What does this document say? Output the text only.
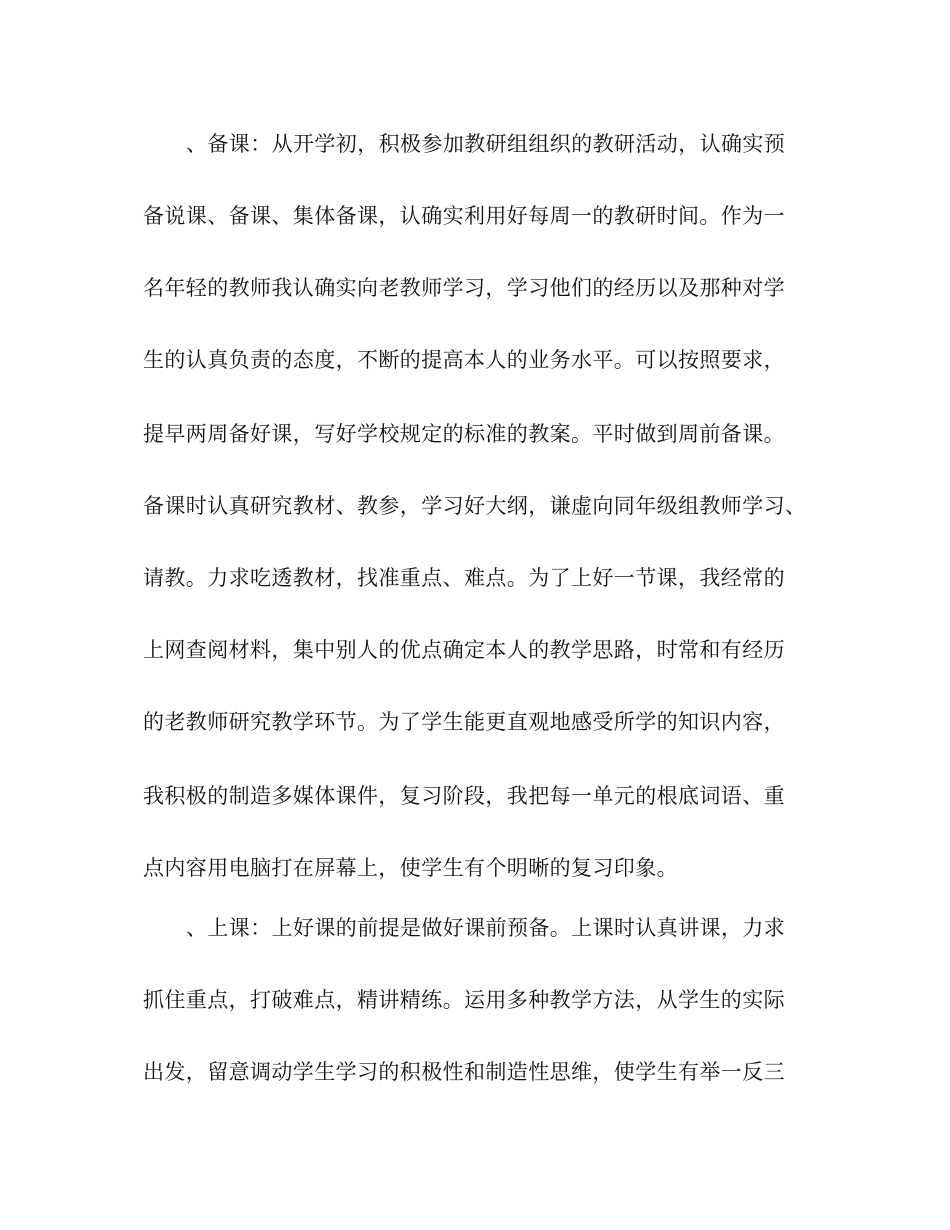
、备课：从开学初，积极参加教研组组织的教研活动，认确实预
备说课、备课、集体备课，认确实利用好每周一的教研时间。作为一
名年轻的教师我认确实向老教师学习，学习他们的经历以及那种对学
生的认真负责的态度，不断的提高本人的业务水平。可以按照要求，
提早两周备好课，写好学校规定的标准的教案。平时做到周前备课。
备课时认真研究教材、教参，学习好大纲，谦虚向同年级组教师学习、
请教。力求吃透教材，找准重点、难点。为了上好一节课，我经常的
上网查阅材料，集中别人的优点确定本人的教学思路，时常和有经历
的老教师研究教学环节。为了学生能更直观地感受所学的知识内容，
我积极的制造多媒体课件，复习阶段，我把每一单元的根底词语、重
点内容用电脑打在屏幕上，使学生有个明晰的复习印象。
、上课：上好课的前提是做好课前预备。上课时认真讲课，力求
抓住重点，打破难点，精讲精练。运用多种教学方法，从学生的实际
出发，留意调动学生学习的积极性和制造性思维，使学生有举一反三
